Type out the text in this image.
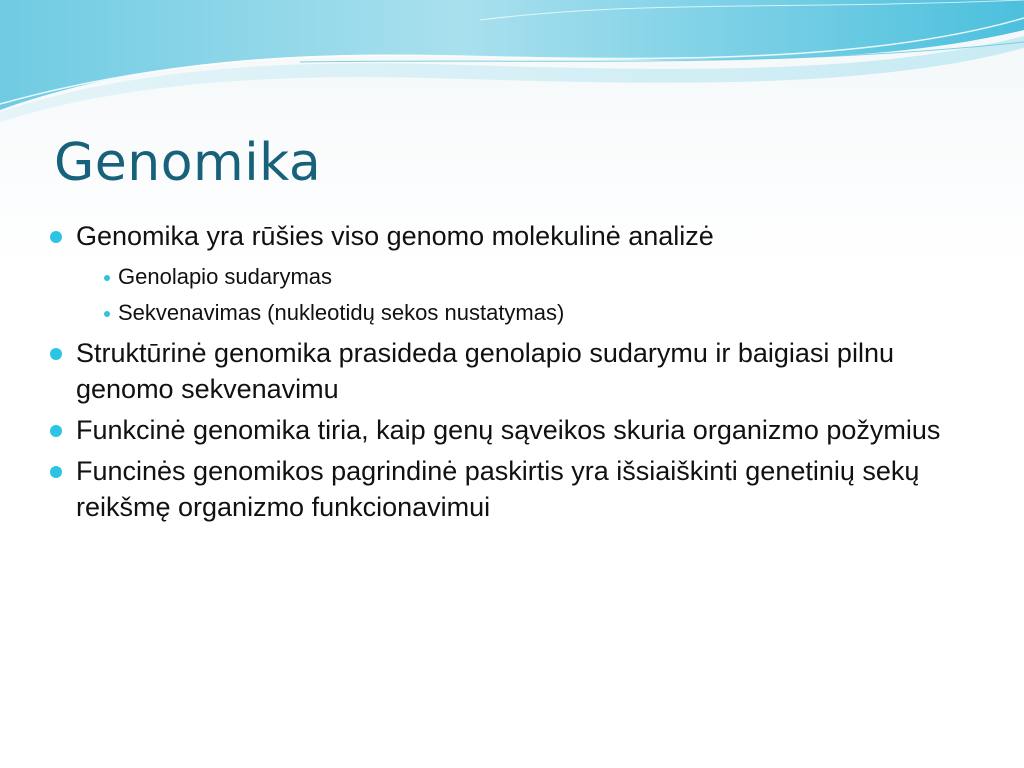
Genomika
Genomika yra rūšies viso genomo molekulinė analizė
Genolapio sudarymas
Sekvenavimas (nukleotidų sekos nustatymas)
Struktūrinė genomika prasideda genolapio sudarymu ir baigiasi pilnu genomo sekvenavimu
Funkcinė genomika tiria, kaip genų sąveikos skuria organizmo požymius
Funcinės genomikos pagrindinė paskirtis yra išsiaiškinti genetinių sekų reikšmę organizmo funkcionavimui
